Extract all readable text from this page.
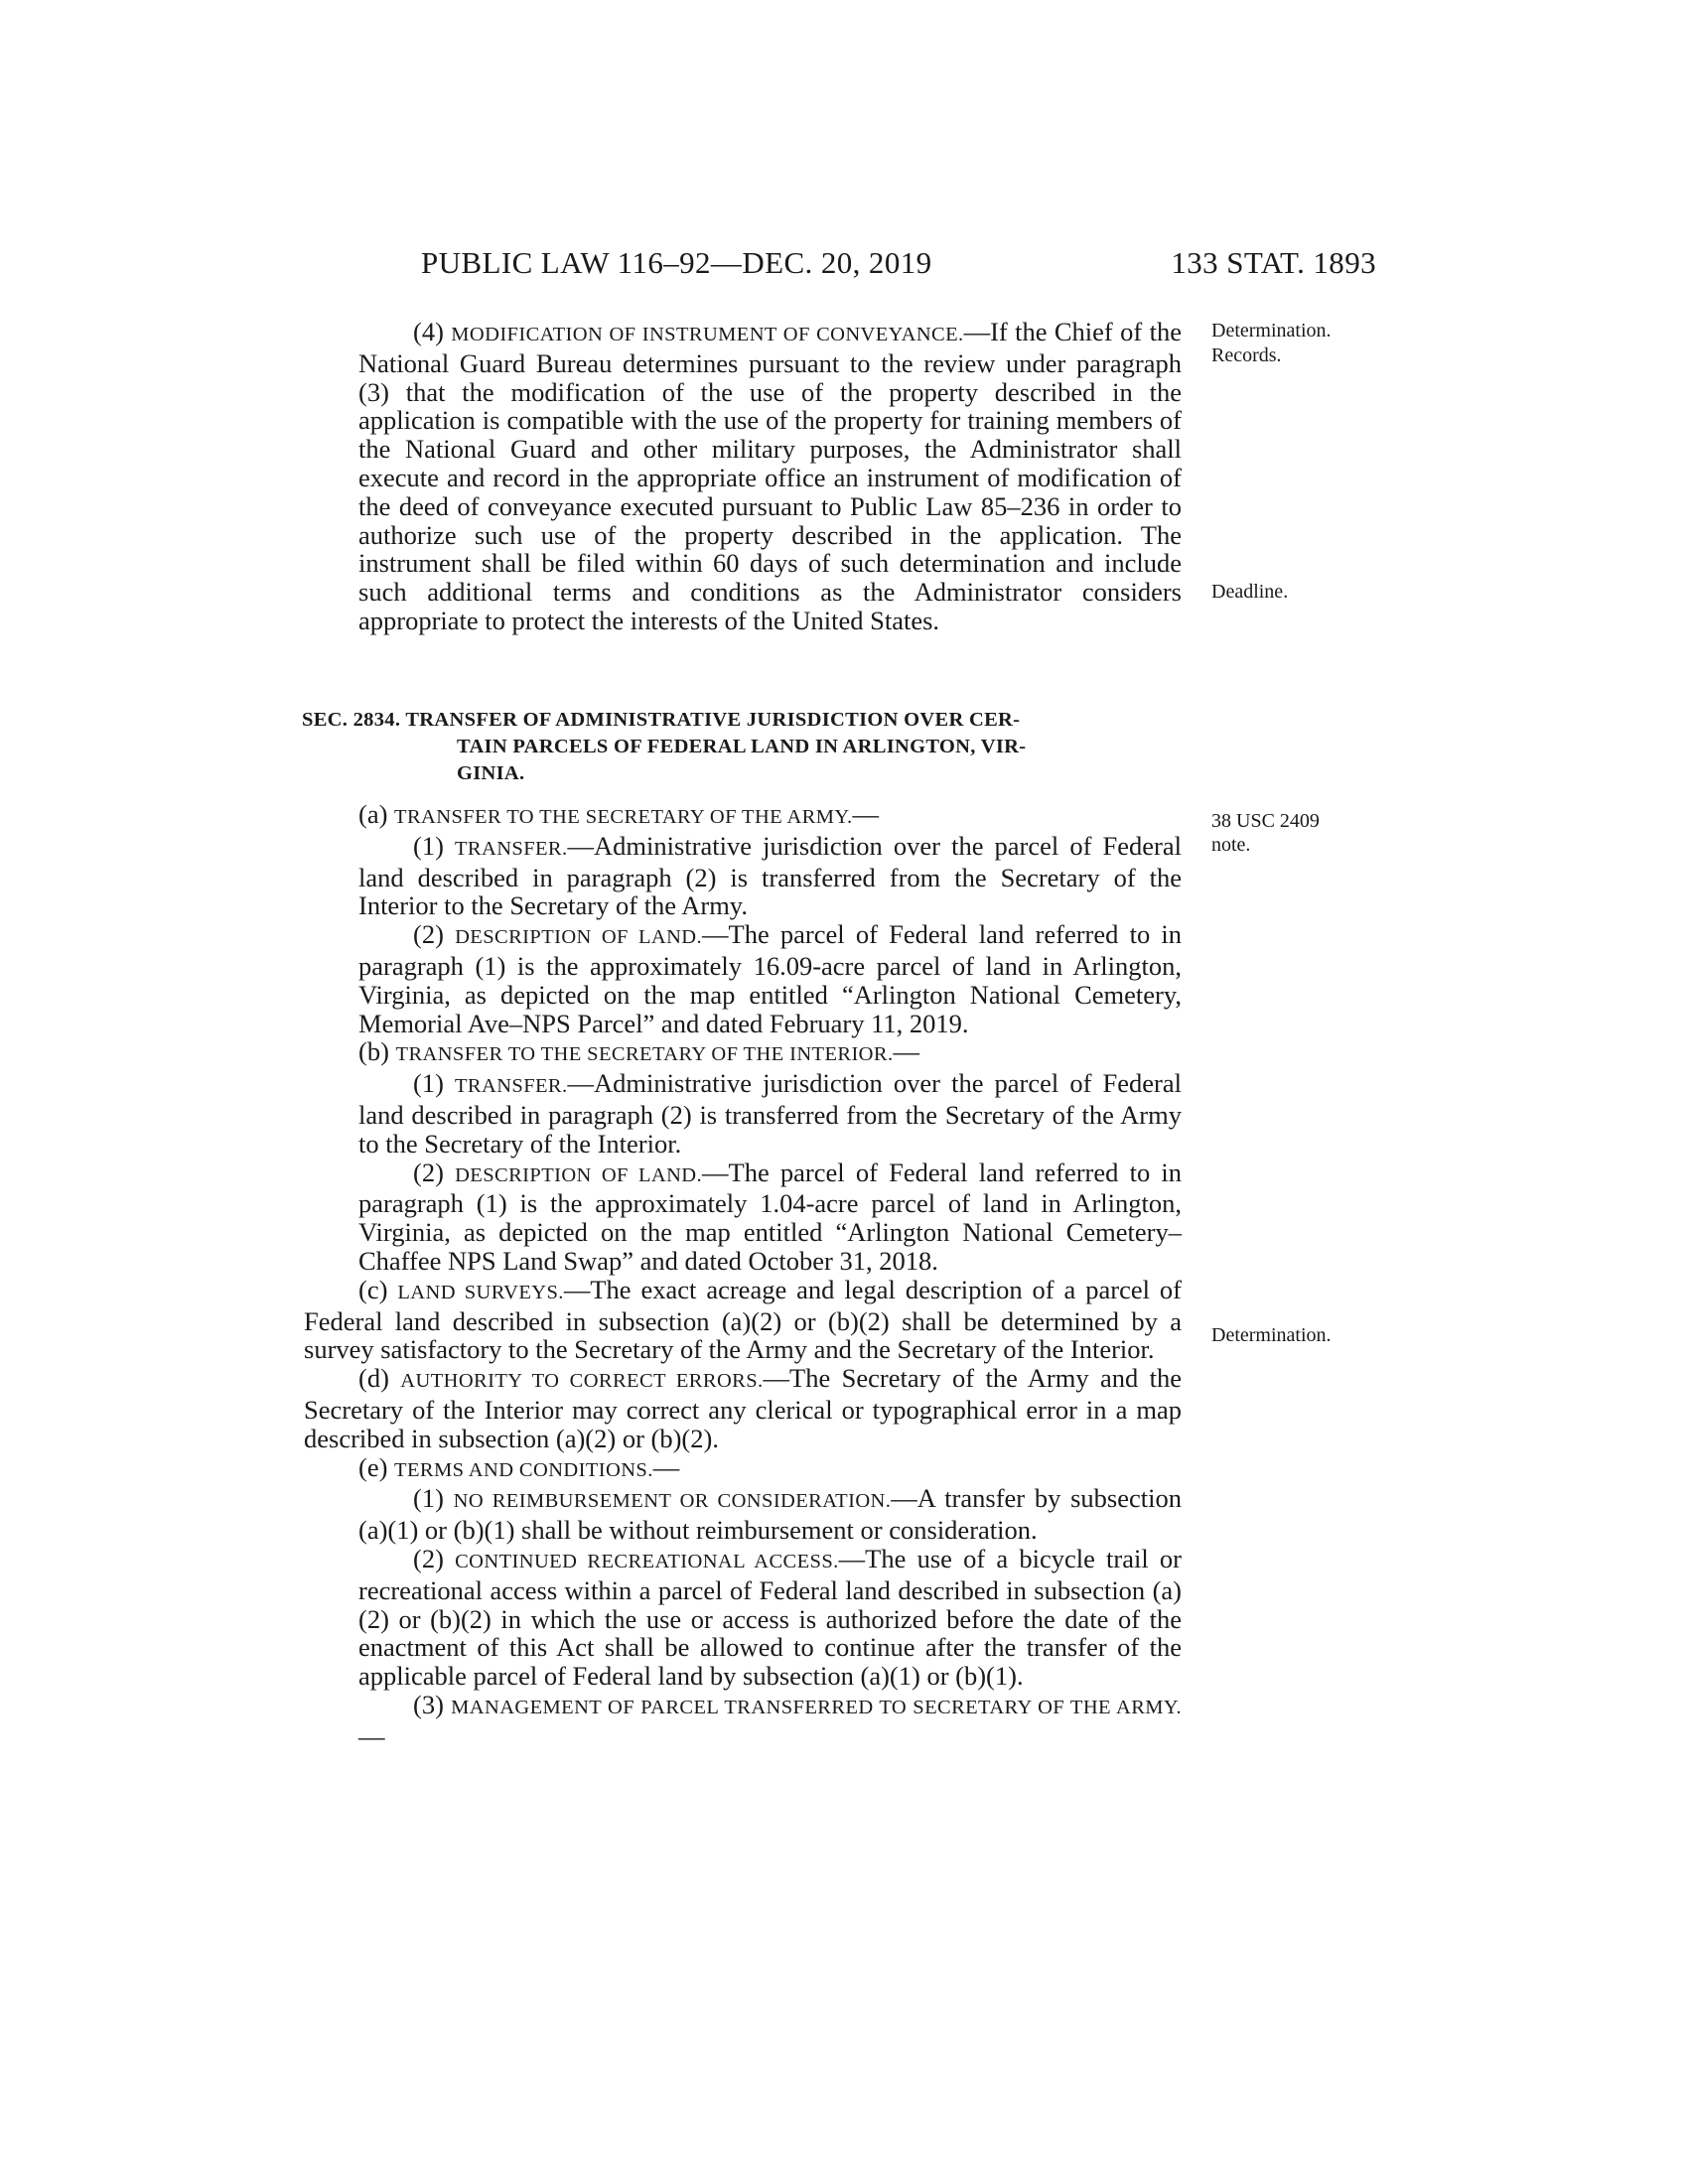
PUBLIC LAW 116–92—DEC. 20, 2019	133 STAT. 1893
Determination.
Records.
Deadline.
38 USC 2409
note.
Determination.

(4) MODIFICATION OF INSTRUMENT OF CONVEYANCE.—If the Chief of the National Guard Bureau determines pursuant to the review under paragraph (3) that the modification of the use of the property described in the application is compatible with the use of the property for training members of the National Guard and other military purposes, the Administrator shall execute and record in the appropriate office an instrument of modification of the deed of conveyance executed pursuant to Public Law 85–236 in order to authorize such use of the property described in the application. The instrument shall be filed within 60 days of such determination and include such additional terms and conditions as the Administrator considers appropriate to protect the interests of the United States.

SEC. 2834. TRANSFER OF ADMINISTRATIVE JURISDICTION OVER CER-
TAIN PARCELS OF FEDERAL LAND IN ARLINGTON, VIR-
GINIA.

(a) TRANSFER TO THE SECRETARY OF THE ARMY.—

(1) TRANSFER.—Administrative jurisdiction over the parcel of Federal land described in paragraph (2) is transferred from the Secretary of the Interior to the Secretary of the Army.

(2) DESCRIPTION OF LAND.—The parcel of Federal land referred to in paragraph (1) is the approximately 16.09-acre parcel of land in Arlington, Virginia, as depicted on the map entitled “Arlington National Cemetery, Memorial Ave–NPS Parcel” and dated February 11, 2019.

(b) TRANSFER TO THE SECRETARY OF THE INTERIOR.—

(1) TRANSFER.—Administrative jurisdiction over the parcel of Federal land described in paragraph (2) is transferred from the Secretary of the Army to the Secretary of the Interior.

(2) DESCRIPTION OF LAND.—The parcel of Federal land referred to in paragraph (1) is the approximately 1.04-acre parcel of land in Arlington, Virginia, as depicted on the map entitled “Arlington National Cemetery–Chaffee NPS Land Swap” and dated October 31, 2018.

(c) LAND SURVEYS.—The exact acreage and legal description of a parcel of Federal land described in subsection (a)(2) or (b)(2) shall be determined by a survey satisfactory to the Secretary of the Army and the Secretary of the Interior.

(d) AUTHORITY TO CORRECT ERRORS.—The Secretary of the Army and the Secretary of the Interior may correct any clerical or typographical error in a map described in subsection (a)(2) or (b)(2).

(e) TERMS AND CONDITIONS.—

(1) NO REIMBURSEMENT OR CONSIDERATION.—A transfer by subsection (a)(1) or (b)(1) shall be without reimbursement or consideration.

(2) CONTINUED RECREATIONAL ACCESS.—The use of a bicycle trail or recreational access within a parcel of Federal land described in subsection (a)(2) or (b)(2) in which the use or access is authorized before the date of the enactment of this Act shall be allowed to continue after the transfer of the applicable parcel of Federal land by subsection (a)(1) or (b)(1).

(3) MANAGEMENT OF PARCEL TRANSFERRED TO SECRETARY OF THE ARMY.—
